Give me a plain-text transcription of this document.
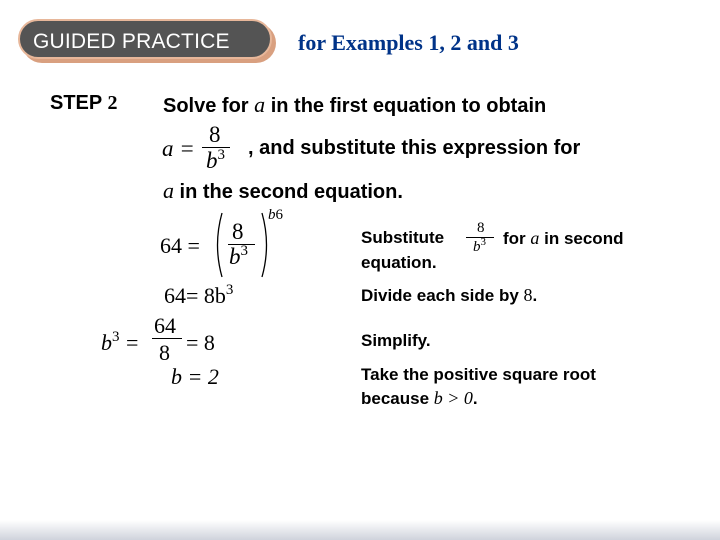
GUIDED PRACTICE	for Examples 1, 2 and 3
STEP 2 Solve for a in the first equation to obtain
a =
8
$b^3$ , and substitute this expression for
a in the second equation.
64 =
8
$b^3$
b6
$64= 8b^3$
$b^3$ =
64
8 = 8
b = 2
Substitute 8
$b^3$ for a in second
equation.
Divide each side by 8.
Simplify.
Take the positive square root
because b > 0.
